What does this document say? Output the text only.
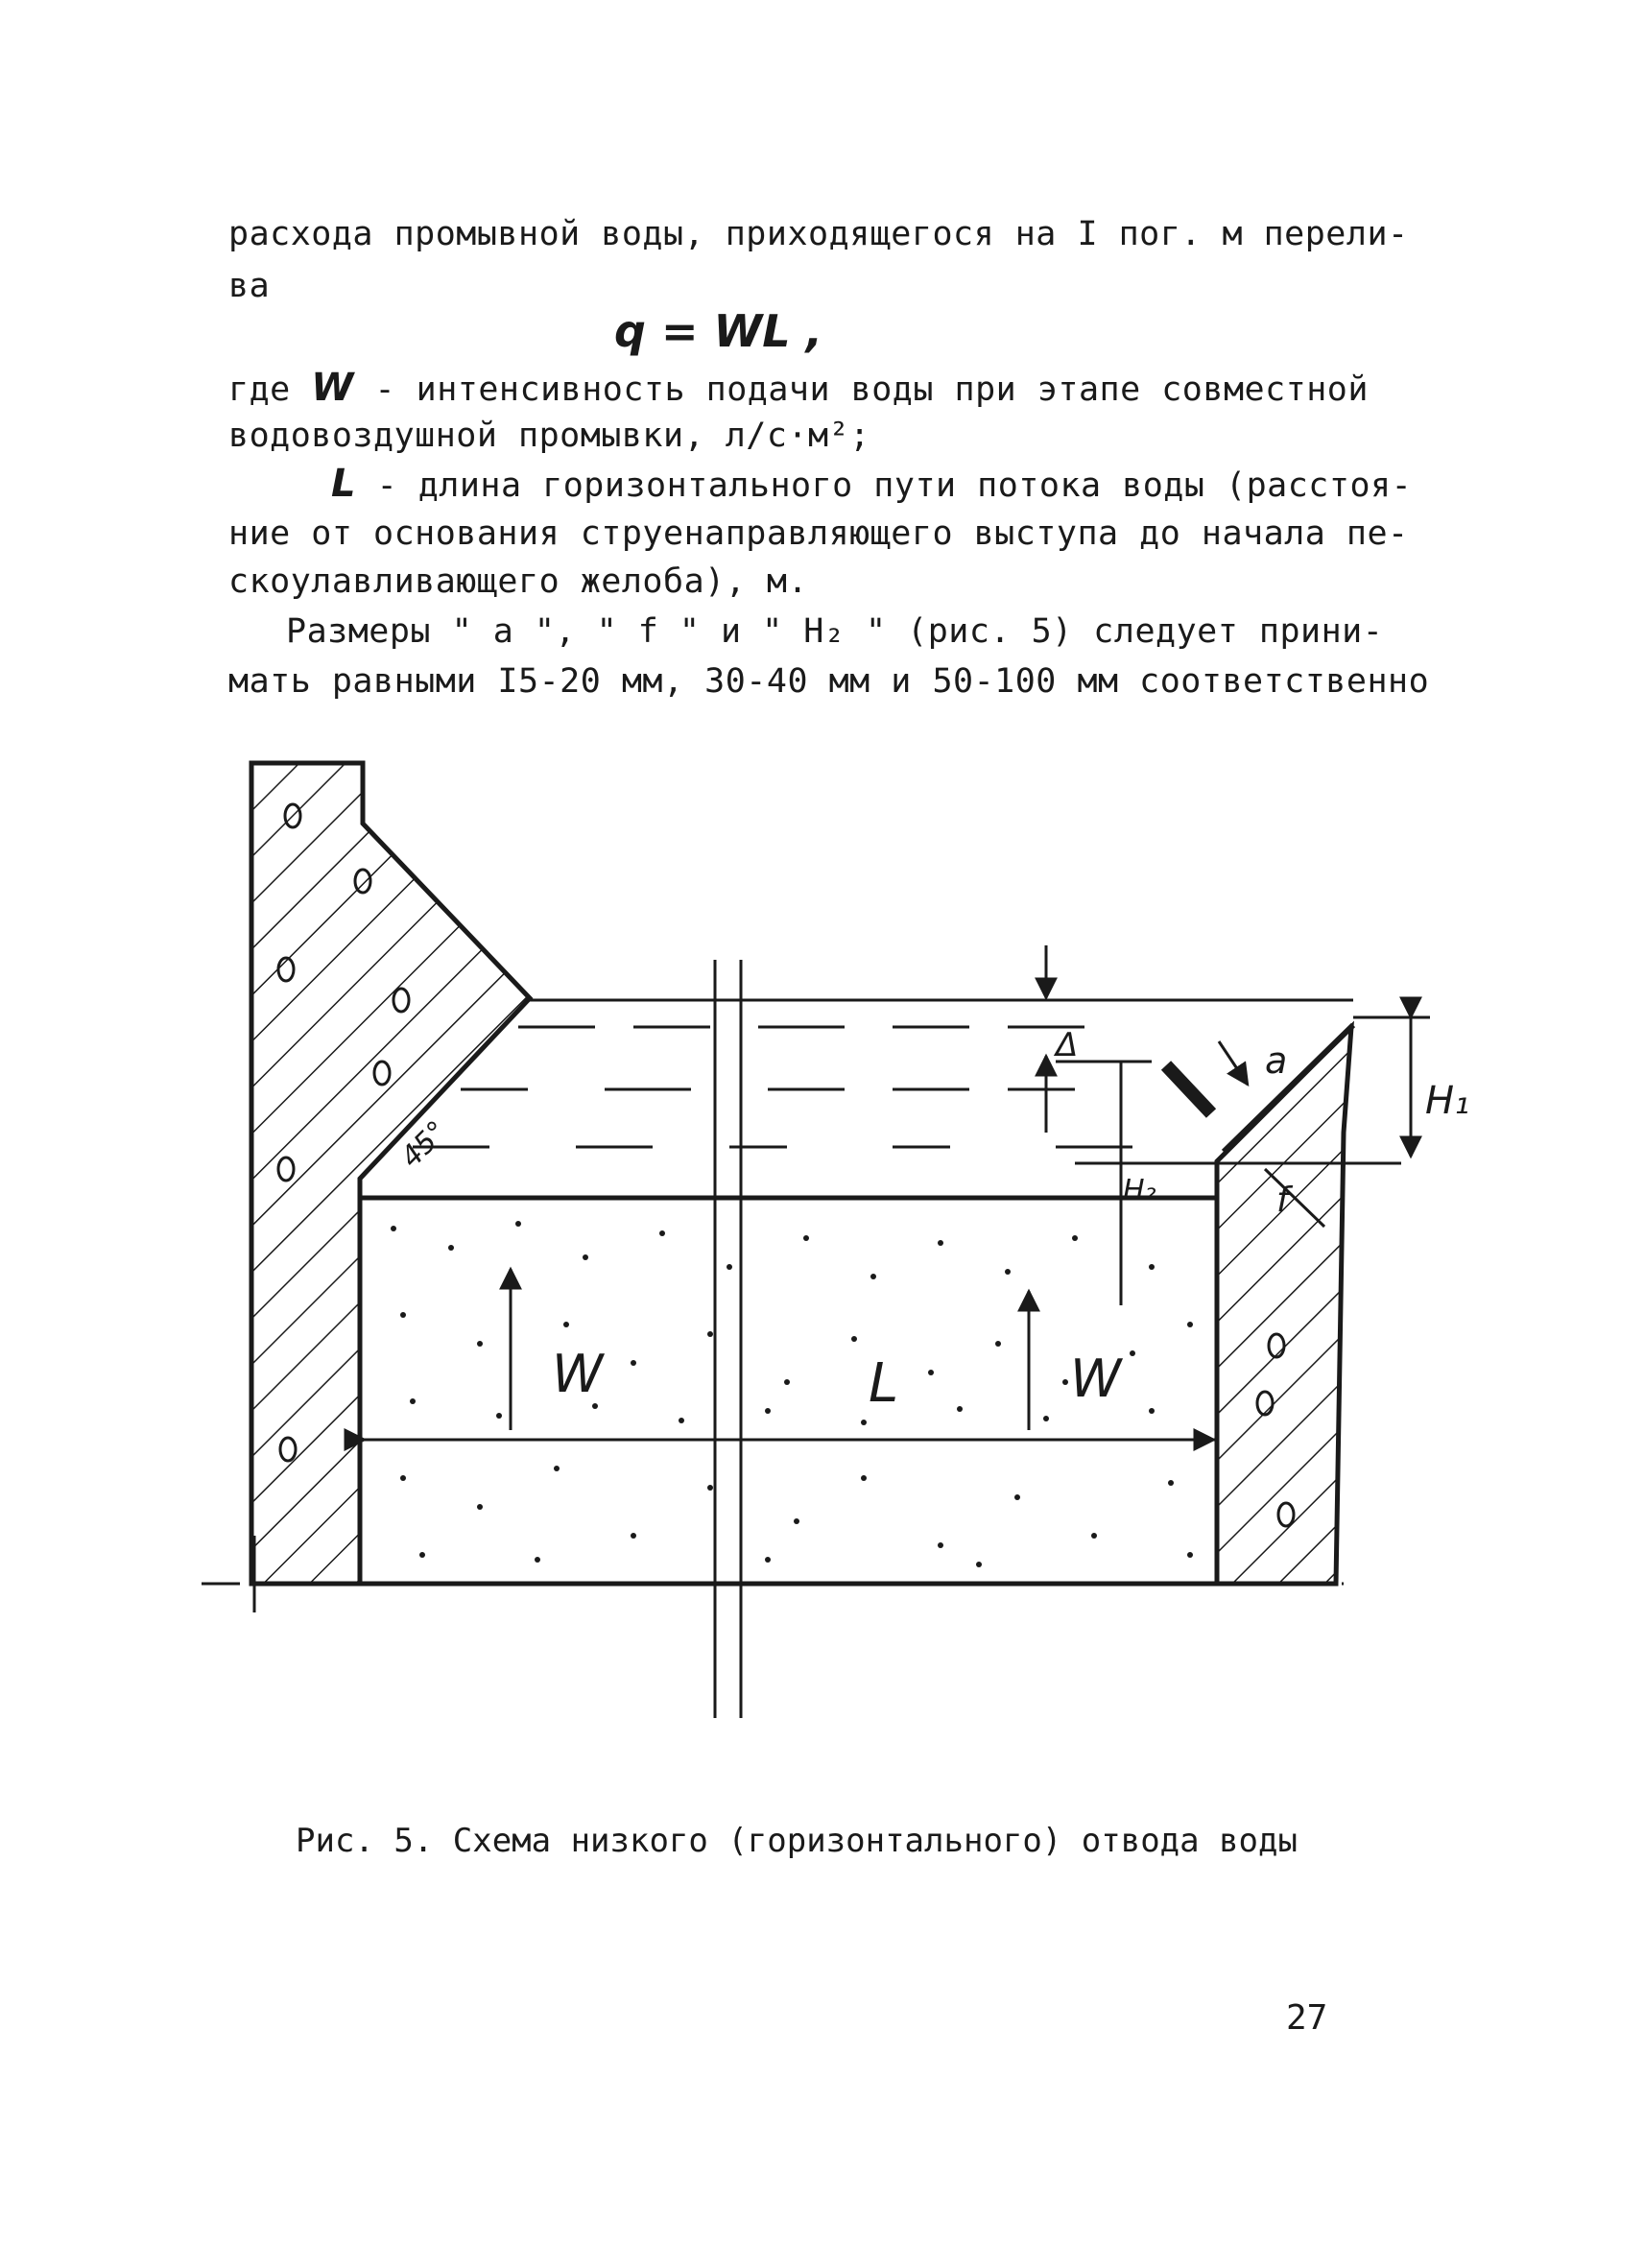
расхода промывной воды, приходящегося на I пог. м перели-
ва
q = WL ,
где W - интенсивность подачи воды при этапе совместной
водовоздушной промывки, л/с·м²;
L - длина горизонтального пути потока воды (расстоя-
ние от основания струенаправляющего выступа до начала пе-
скоулавливающего желоба), м.
Размеры " a ", " f " и " H₂ " (рис. 5) следует прини-
мать равными I5-20 мм, 30-40 мм и 50-100 мм соответственно
W	W
L
45°
Δ
H₂
a
f
H₁
Рис. 5. Схема низкого (горизонтального) отвода воды
27
